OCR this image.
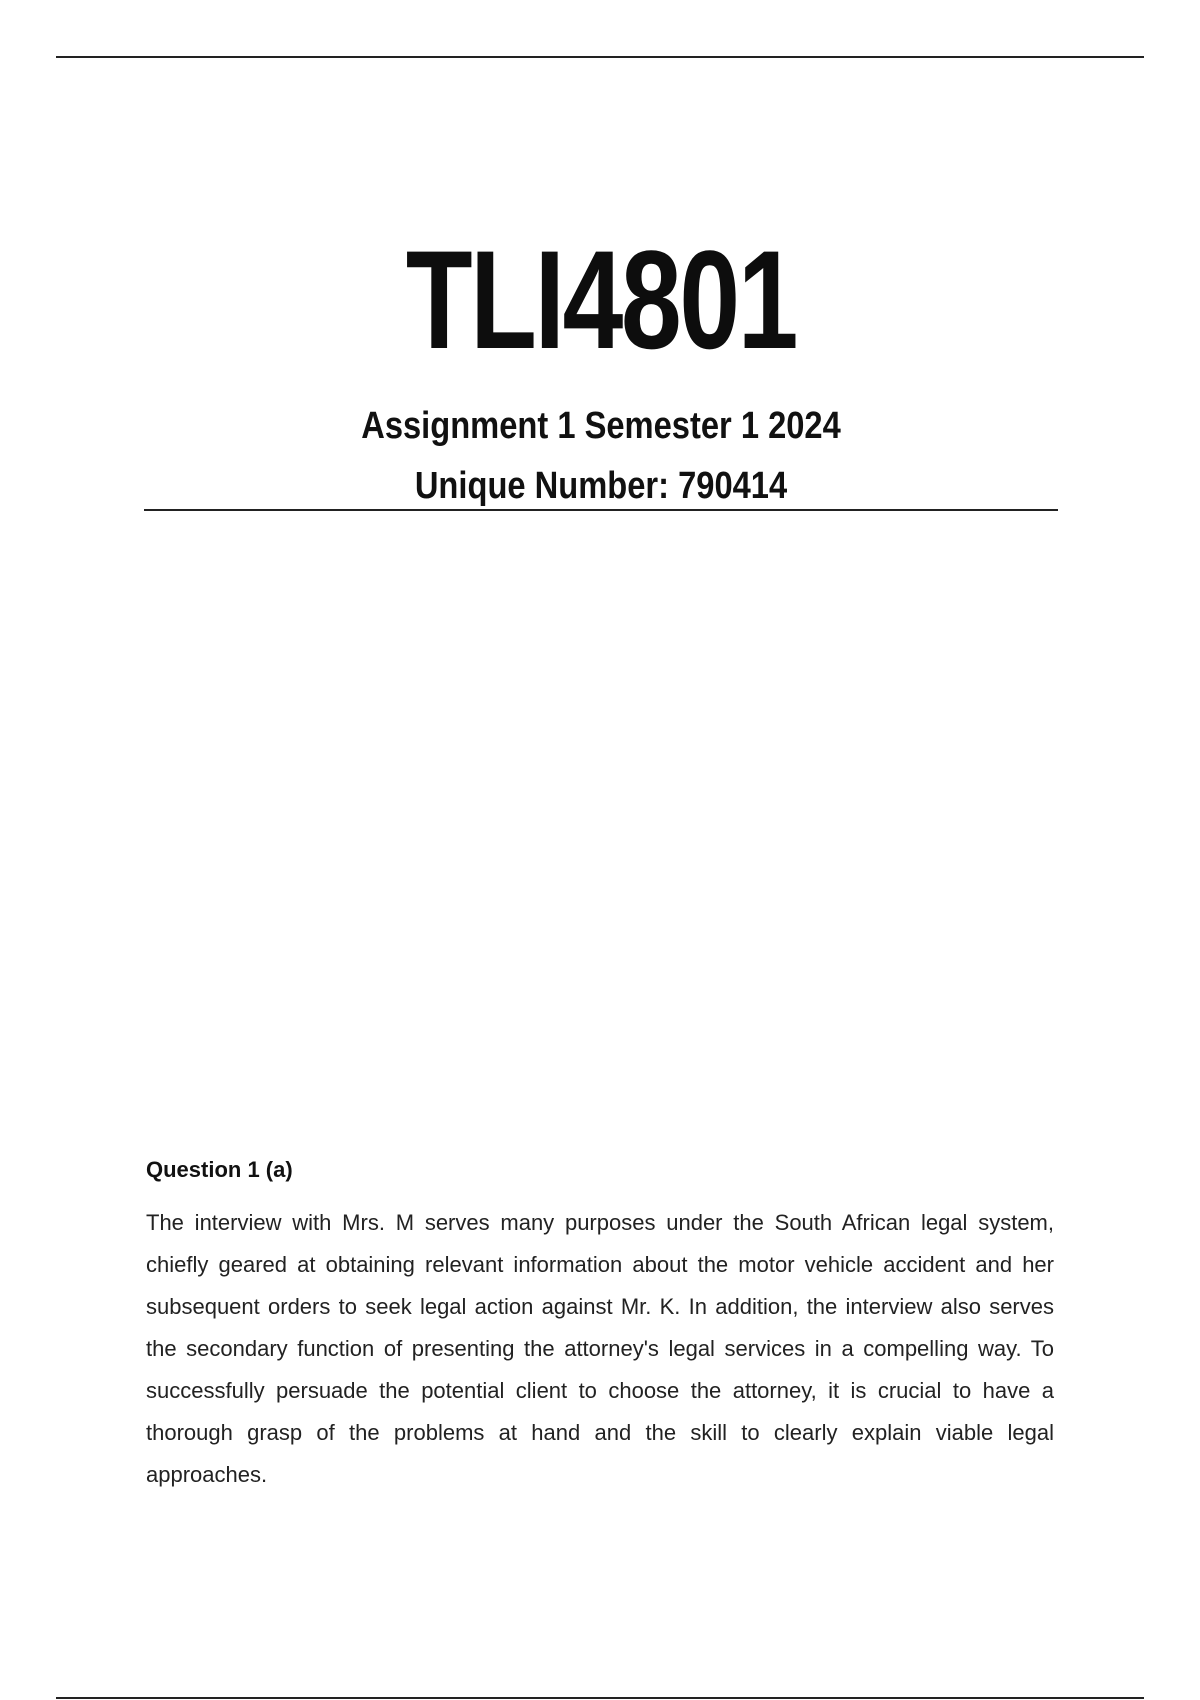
TLI4801
Assignment 1 Semester 1 2024
Unique Number: 790414

Question 1 (a)

The interview with Mrs. M serves many purposes under the South African legal system, chiefly geared at obtaining relevant information about the motor vehicle accident and her subsequent orders to seek legal action against Mr. K. In addition, the interview also serves the secondary function of presenting the attorney's legal services in a compelling way. To successfully persuade the potential client to choose the attorney, it is crucial to have a thorough grasp of the problems at hand and the skill to clearly explain viable legal approaches.
